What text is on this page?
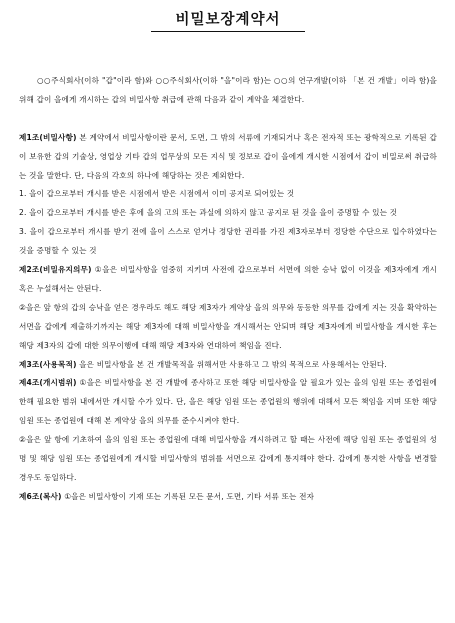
비밀보장계약서

○○주식회사(이하 "갑"이라 함)와 ○○주식회사(이하 "을"이라 함)는 ○○의 연구개발(이하 「본 건 개발」이라 함)을 위해 갑이 을에게 개시하는 갑의 비밀사항 취급에 관해 다음과 같이 계약을 체결한다.

제1조(비밀사항) 본 계약에서 비밀사항이란 문서, 도면, 그 밖의 서류에 기재되거나 혹은 전자적 또는 광학적으로 기록된 갑이 보유한 갑의 기술상, 영업상 기타 갑의 업무상의 모든 지식 및 정보로 갑이 을에게 개시한 시점에서 갑이 비밀로써 취급하는 것을 말한다. 단, 다음의 각호의 하나에 해당하는 것은 제외한다.

1. 을이 갑으로부터 개시를 받은 시점에서 받은 시점에서 이미 공지로 되어있는 것

2. 을이 갑으로부터 개시를 받은 후에 을의 고의 또는 과실에 의하지 않고 공지로 된 것을 을이 증명할 수 있는 것

3. 을이 갑으로부터 개시를 받기 전에 을이 스스로 얻거나 정당한 권리를 가진 제3자로부터 정당한 수단으로 입수하였다는 것을 증명할 수 있는 것

제2조(비밀유지의무) ①을은 비밀사항을 엄중히 지키며 사전에 갑으로부터 서면에 의한 승낙 없이 이것을 제3자에게 개시 혹은 누설해서는 안된다.

②을은 앞 항의 갑의 승낙을 얻은 경우라도 해도 해당 제3자가 계약상 을의 의무와 동등한 의무를 갑에게 지는 것을 확약하는 서면을 갑에게 제출하기까지는 해당 제3자에 대해 비밀사항을 개시해서는 안되며 해당 제3자에게 비밀사항을 개시한 후는 해당 제3자의 갑에 대한 의무이행에 대해 해당 제3자와 연대하여 책임을 진다.

제3조(사용목적) 을은 비밀사항을 본 건 개발목적을 위해서만 사용하고 그 밖의 목적으로 사용해서는 안된다.

제4조(개시범위) ①을은 비밀사항을 본 건 개발에 종사하고 또한 해당 비밀사항을 알 필요가 있는 을의 임원 또는 종업원에 한해 필요한 범위 내에서만 개시할 수가 있다. 단, 을은 해당 임원 또는 종업원의 행위에 대해서 모든 책임을 지며 또한 해당 임원 또는 종업원에 대해 본 계약상 을의 의무를 준수시켜야 한다.

②을은 앞 항에 기초하여 을의 임원 또는 종업원에 대해 비밀사항을 개시하려고 할 때는 사전에 해당 임원 또는 종업원의 성명 및 해당 임원 또는 종업원에게 개시할 비밀사항의 범위를 서면으로 갑에게 통지해야 한다. 갑에게 통지한 사항을 변경할 경우도 동일하다.

제6조(복사) ①을은 비밀사항이 기재 또는 기록된 모든 문서, 도면, 기타 서류 또는 전자
